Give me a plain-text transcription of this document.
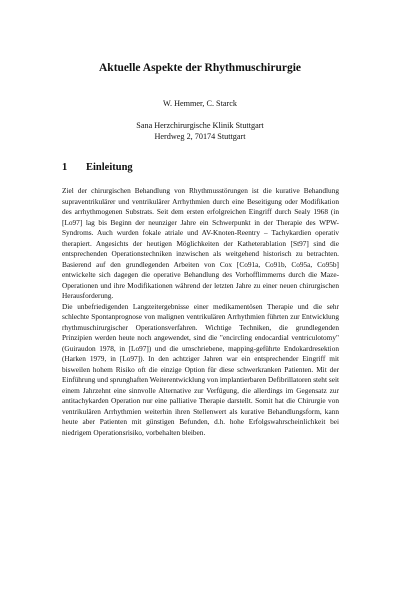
Aktuelle Aspekte der Rhythmuschirurgie
W. Hemmer, C. Starck
Sana Herzchirurgische Klinik Stuttgart
Herdweg 2, 70174 Stuttgart
1 Einleitung

Ziel der chirurgischen Behandlung von Rhythmusstörungen ist die kurative Behandlung supraventrikulärer und ventrikulärer Arrhythmien durch eine Beseitigung oder Modifikation des arrhythmogenen Substrats. Seit dem ersten erfolgreichen Eingriff durch Sealy 1968 (in [Lo97] lag bis Beginn der neunziger Jahre ein Schwerpunkt in der Therapie des WPW-Syndroms. Auch wurden fokale atriale und AV-Knoten-Reentry – Tachykardien operativ therapiert. Angesichts der heutigen Möglichkeiten der Katheterablation [St97] sind die entsprechenden Operationstechniken inzwischen als weitgehend historisch zu betrachten. Basierend auf den grundlegenden Arbeiten von Cox [Co91a, Co91b, Co95a, Co95b] entwickelte sich dagegen die operative Behandlung des Vorhofflimmerns durch die Maze-Operationen und ihre Modifikationen während der letzten Jahre zu einer neuen chirurgischen Herausforderung.

Die unbefriedigenden Langzeitergebnisse einer medikamentösen Therapie und die sehr schlechte Spontanprognose von malignen ventrikulären Arrhythmien führten zur Entwicklung rhythmuschirurgischer Operationsverfahren. Wichtige Techniken, die grundlegenden Prinzipien werden heute noch angewendet, sind die "encircling endocardial ventriculotomy" (Guiraudon 1978, in [Lo97]) und die umschriebene, mapping-geführte Endokardresektion (Harken 1979, in [Lo97]). In den achtziger Jahren war ein entsprechender Eingriff mit bisweilen hohem Risiko oft die einzige Option für diese schwerkranken Patienten. Mit der Einführung und sprunghaften Weiterentwicklung von implantierbaren Defibrillatoren steht seit einem Jahrzehnt eine sinnvolle Alternative zur Verfügung, die allerdings im Gegensatz zur antitachykarden Operation nur eine palliative Therapie darstellt. Somit hat die Chirurgie von ventrikulären Arrhythmien weiterhin ihren Stellenwert als kurative Behandlungsform, kann heute aber Patienten mit günstigen Befunden, d.h. hohe Erfolgswahrscheinlichkeit bei niedrigem Operationsrisiko, vorbehalten bleiben.
